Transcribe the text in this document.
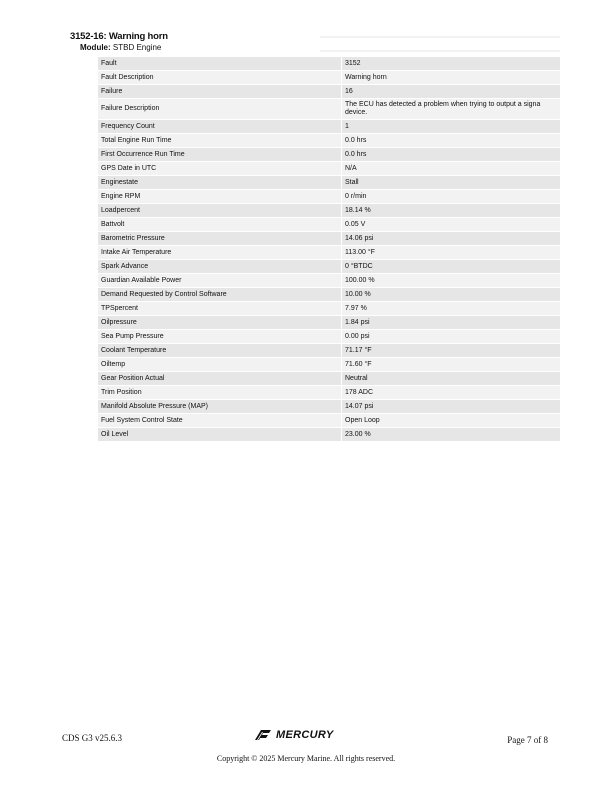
3152-16: Warning horn
Module: STBD Engine
Fault	3152
Fault Description	Warning horn
Failure	16
Failure Description	The ECU has detected a problem when trying to output a signa device.
Frequency Count	1
Total Engine Run Time	0.0 hrs
First Occurrence Run Time	0.0 hrs
GPS Date in UTC	N/A
Enginestate	Stall
Engine RPM	0 r/min
Loadpercent	18.14 %
Battvolt	0.05 V
Barometric Pressure	14.06 psi
Intake Air Temperature	113.00 °F
Spark Advance	0 °BTDC
Guardian Available Power	100.00 %
Demand Requested by Control Software	10.00 %
TPSpercent	7.97 %
Oilpressure	1.84 psi
Sea Pump Pressure	0.00 psi
Coolant Temperature	71.17 °F
Oiltemp	71.60 °F
Gear Position Actual	Neutral
Trim Position	178 ADC
Manifold Absolute Pressure (MAP)	14.07 psi
Fuel System Control State	Open Loop
Oil Level	23.00 %
CDS G3 v25.6.3	MERCURY	Page 7 of 8
Copyright © 2025 Mercury Marine. All rights reserved.
